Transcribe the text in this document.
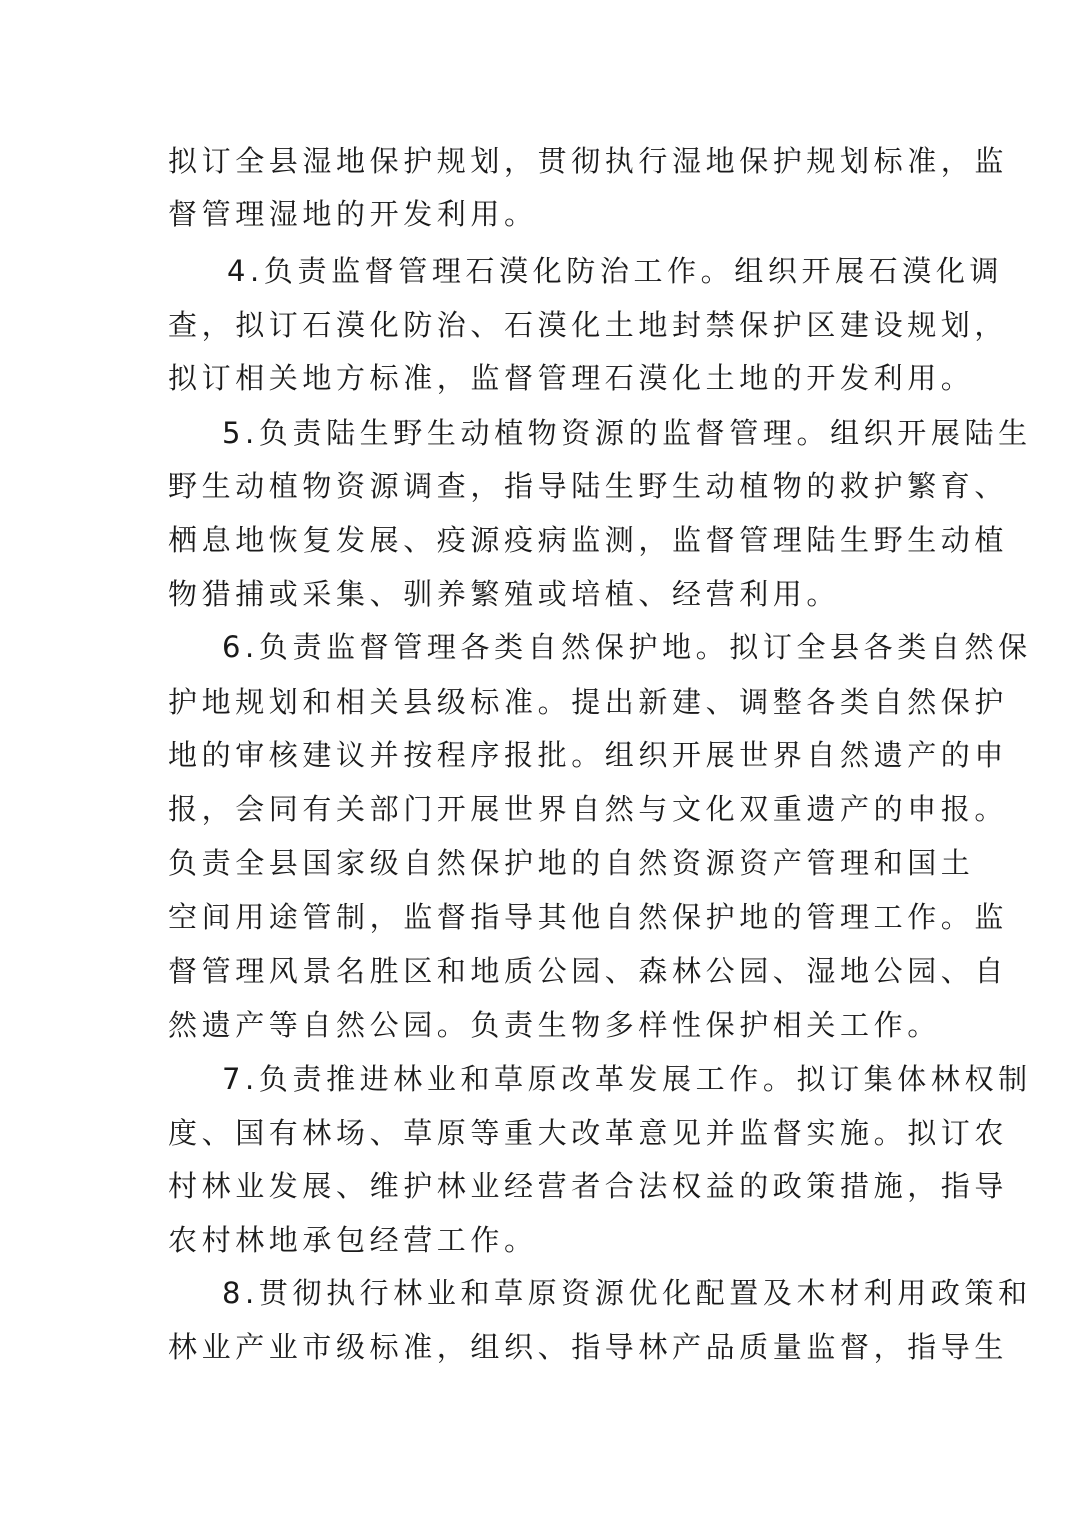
拟订全县湿地保护规划，贯彻执行湿地保护规划标准，监
督管理湿地的开发利用。
4.负责监督管理石漠化防治工作。组织开展石漠化调
查，拟订石漠化防治、石漠化土地封禁保护区建设规划，
拟订相关地方标准，监督管理石漠化土地的开发利用。
5.负责陆生野生动植物资源的监督管理。组织开展陆生
野生动植物资源调查，指导陆生野生动植物的救护繁育、
栖息地恢复发展、疫源疫病监测，监督管理陆生野生动植
物猎捕或采集、驯养繁殖或培植、经营利用。
6.负责监督管理各类自然保护地。拟订全县各类自然保
护地规划和相关县级标准。提出新建、调整各类自然保护
地的审核建议并按程序报批。组织开展世界自然遗产的申
报，会同有关部门开展世界自然与文化双重遗产的申报。
负责全县国家级自然保护地的自然资源资产管理和国土
空间用途管制，监督指导其他自然保护地的管理工作。监
督管理风景名胜区和地质公园、森林公园、湿地公园、自
然遗产等自然公园。负责生物多样性保护相关工作。
7.负责推进林业和草原改革发展工作。拟订集体林权制
度、国有林场、草原等重大改革意见并监督实施。拟订农
村林业发展、维护林业经营者合法权益的政策措施，指导
农村林地承包经营工作。
8.贯彻执行林业和草原资源优化配置及木材利用政策和
林业产业市级标准，组织、指导林产品质量监督，指导生
